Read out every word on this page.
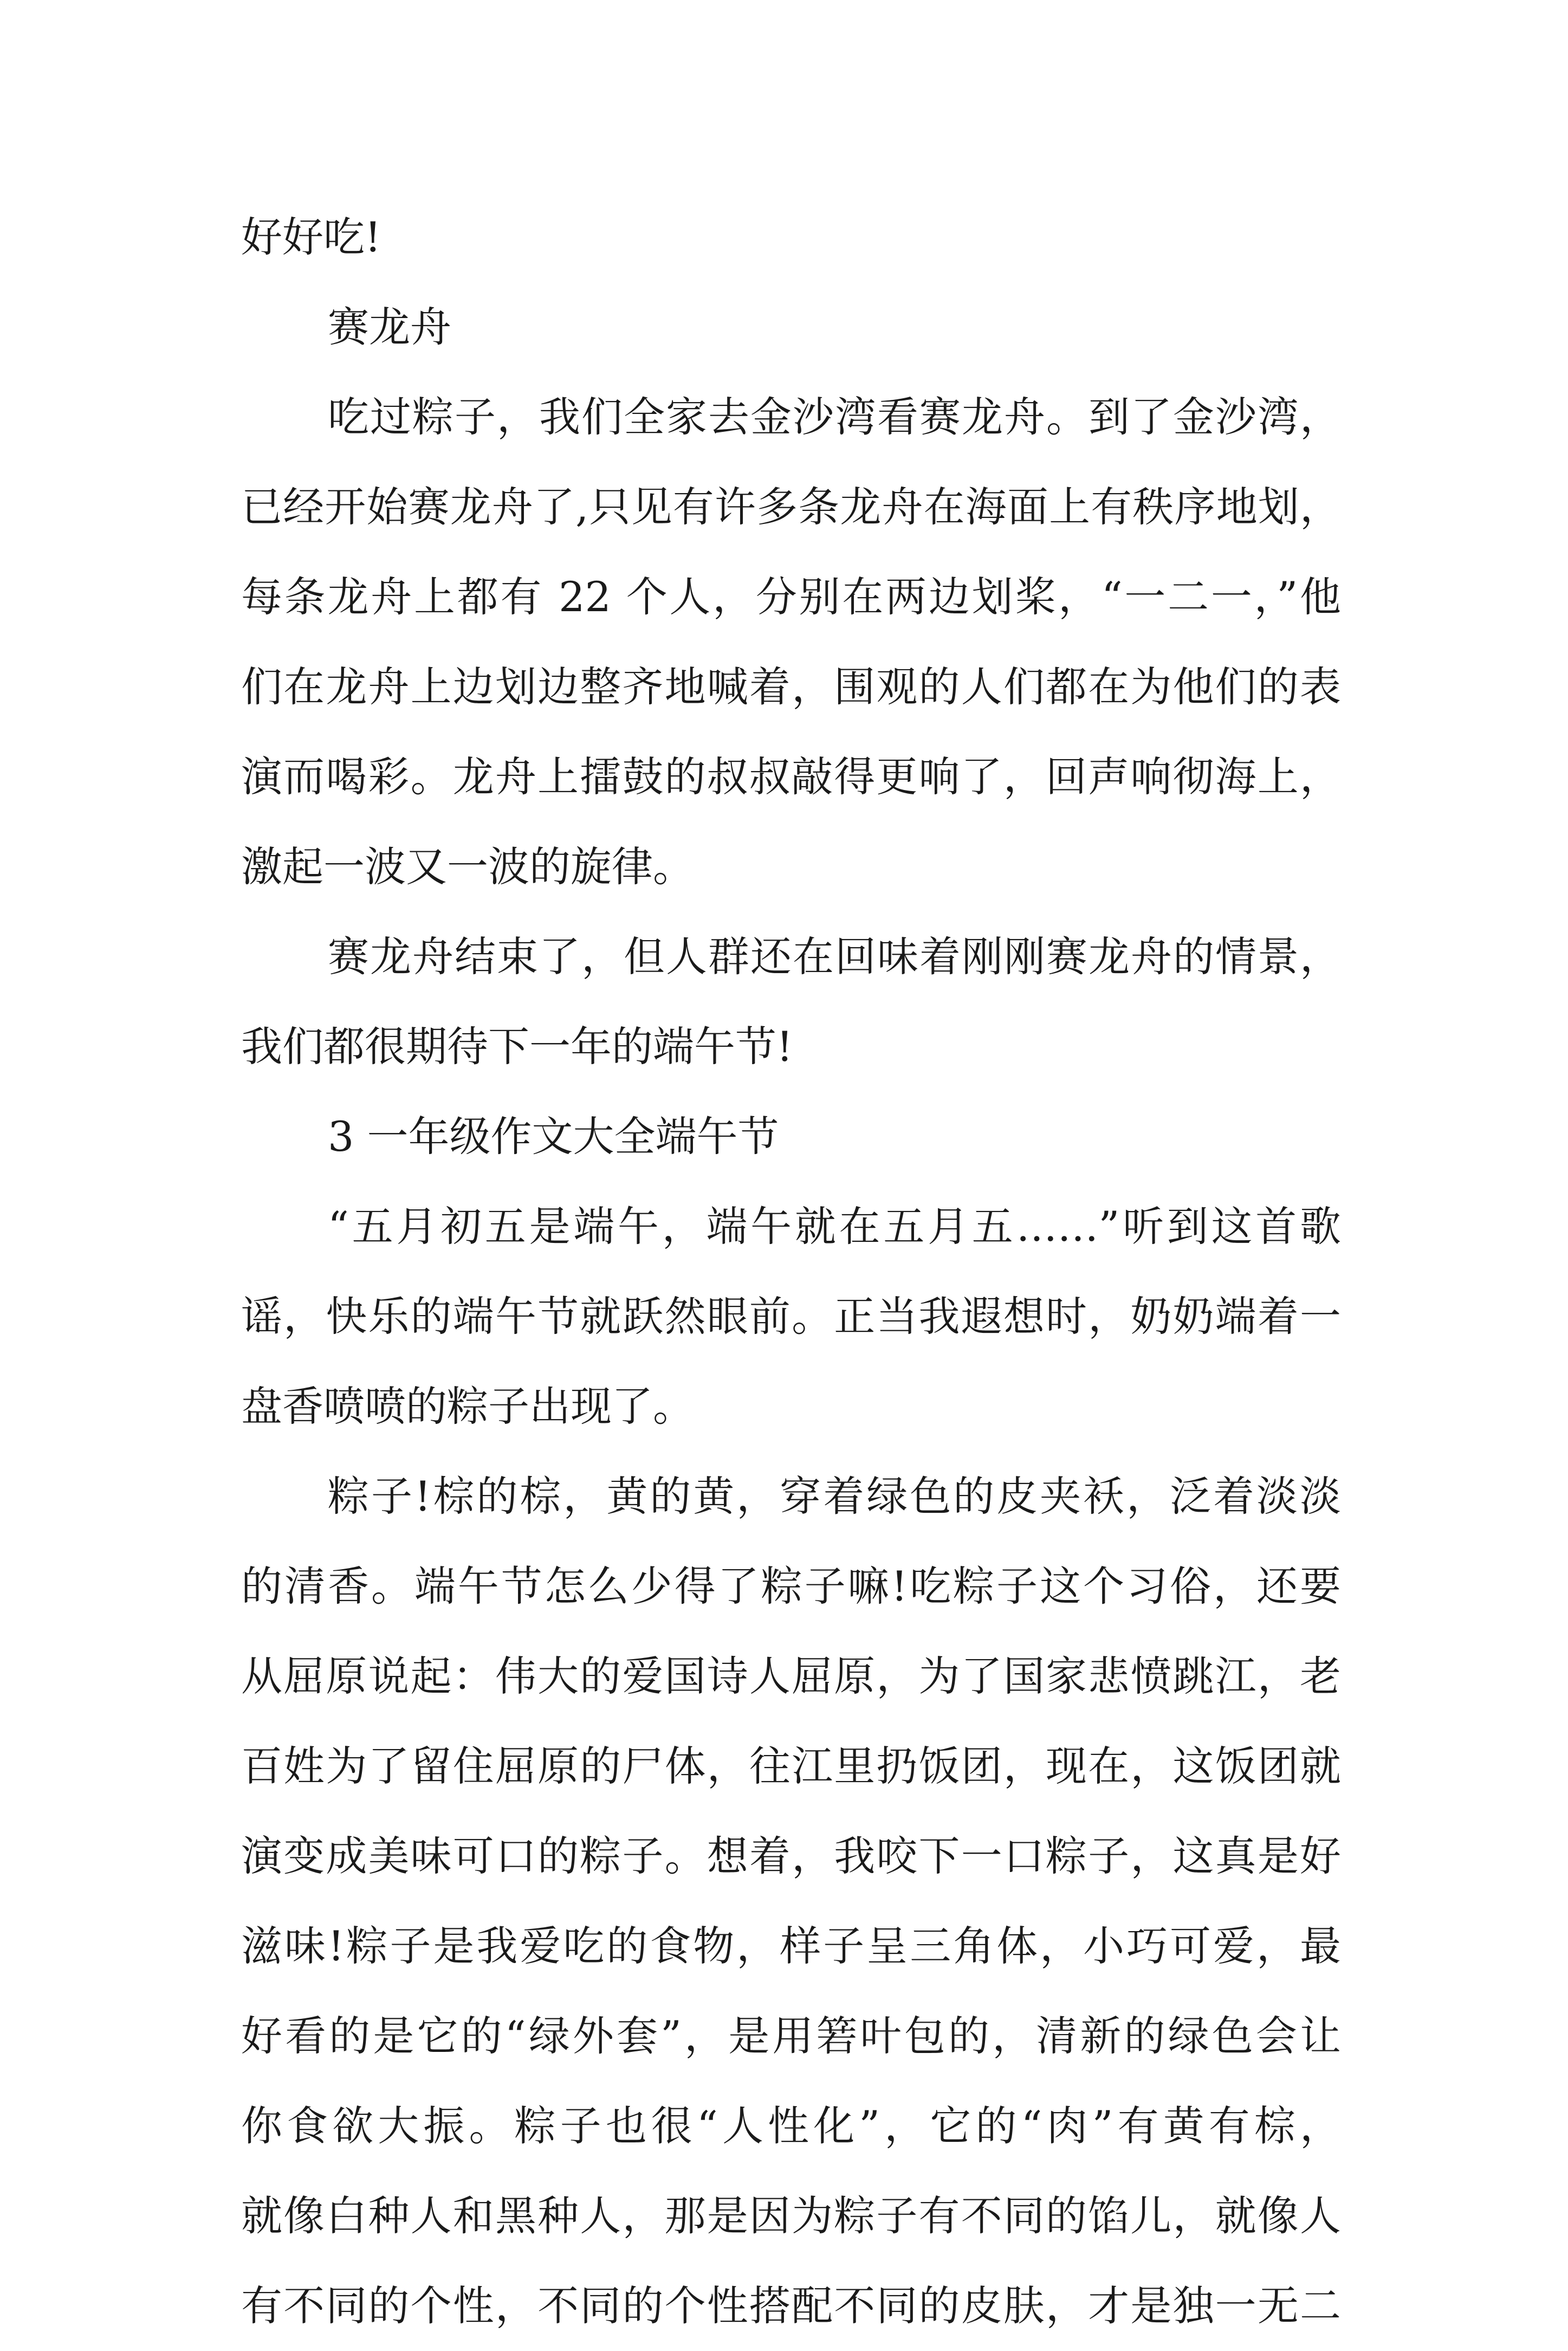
好好吃!
赛龙舟
吃过粽子，我们全家去金沙湾看赛龙舟。到了金沙湾，
已经开始赛龙舟了,只见有许多条龙舟在海面上有秩序地划，
每条龙舟上都有 22 个人，分别在两边划桨，“一二一，”他
们在龙舟上边划边整齐地喊着，围观的人们都在为他们的表
演而喝彩。龙舟上擂鼓的叔叔敲得更响了，回声响彻海上，
激起一波又一波的旋律。
赛龙舟结束了，但人群还在回味着刚刚赛龙舟的情景，
我们都很期待下一年的端午节!
3 一年级作文大全端午节
“五月初五是端午，端午就在五月五……”听到这首歌
谣，快乐的端午节就跃然眼前。正当我遐想时，奶奶端着一
盘香喷喷的粽子出现了。
粽子!棕的棕，黄的黄，穿着绿色的皮夹袄，泛着淡淡
的清香。端午节怎么少得了粽子嘛!吃粽子这个习俗，还要
从屈原说起：伟大的爱国诗人屈原，为了国家悲愤跳江，老
百姓为了留住屈原的尸体，往江里扔饭团，现在，这饭团就
演变成美味可口的粽子。想着，我咬下一口粽子，这真是好
滋味!粽子是我爱吃的食物，样子呈三角体，小巧可爱，最
好看的是它的“绿外套”，是用箬叶包的，清新的绿色会让
你食欲大振。粽子也很“人性化”，它的“肉”有黄有棕，
就像白种人和黑种人，那是因为粽子有不同的馅儿，就像人
有不同的个性，不同的个性搭配不同的皮肤，才是独一无二
